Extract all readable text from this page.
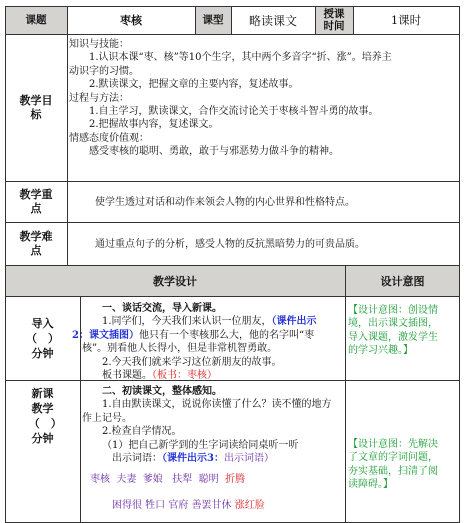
课题	枣核	课型	略读课文	授课时间	1课时
教学目标
知识与技能：
1.认识本课“枣、核”等10个生字，其中两个多音字“折、涨”。培养主
动识字的习惯。
2.默读课文，把握文章的主要内容，复述故事。
过程与方法：
1.自主学习，默读课文，合作交流讨论关于枣核斗智斗勇的故事。
2.把握故事内容，复述课文。
情感态度价值观：
感受枣核的聪明、勇敢，敢于与邪恶势力做斗争的精神。
教学重点	使学生透过对话和动作来领会人物的内心世界和性格特点。
教学难点	通过重点句子的分析，感受人物的反抗黑暗势力的可贵品质。
教学设计	设计意图
导入（　）分钟
一、谈话交流，导入新课。
1.同学们，今天我们来认识一位朋友，（课件出示
2：课文插图）他只有一个枣核那么大，他的名字叫“枣
核”。别看他人长得小，但是非常机智勇敢。
2.今天我们就来学习这位新朋友的故事。
板书课题。（板书：枣核）
【设计意图：创设情
境，出示课文插图，
导入课题，激发学生
的学习兴趣。】
新课教学（　）分钟
二、初读课文，整体感知。
1.自由默读课文，说说你读懂了什么？读不懂的地方
作上记号。
2.检查自学情况。
（1）把自己新学到的生字词读给同桌听一听
出示词语：（课件出示3：出示词语）
枣核 夫妻 爹娘 扶犁 聪明 折腾
困得很 牲口 官府 善罢甘休 涨红脸
【设计意图：先解决
了文章的字词问题，
夯实基础，扫清了阅
读障碍。】
